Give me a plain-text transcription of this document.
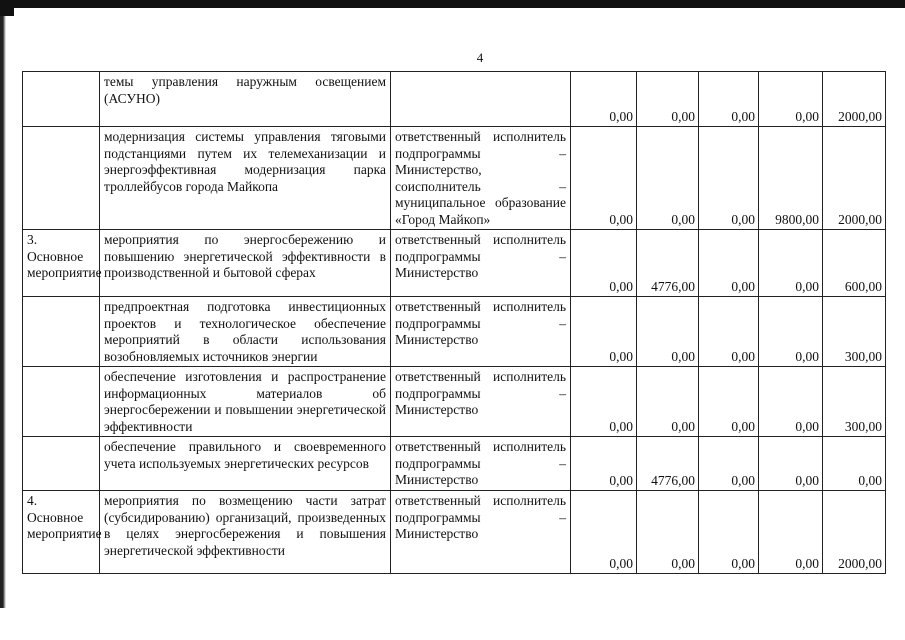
4
	темы управления наружным освещением (АСУНО)		0,00	0,00	0,00	0,00	2000,00
	модернизация системы управления тяговыми подстанциями путем их телемеханизации и энергоэффективная модернизация парка троллейбусов города Майкопа	ответственный исполнитель подпрограммы – Министерство, соисполнитель – муниципальное образование «Город Майкоп»	0,00	0,00	0,00	9800,00	2000,00
3. Основное мероприятие	мероприятия по энергосбережению и повышению энергетической эффективности в производственной и бытовой сферах	ответственный исполнитель подпрограммы – Министерство	0,00	4776,00	0,00	0,00	600,00
	предпроектная подготовка инвестиционных проектов и технологическое обеспечение мероприятий в области использования возобновляемых источников энергии	ответственный исполнитель подпрограммы – Министерство	0,00	0,00	0,00	0,00	300,00
	обеспечение изготовления и распространение информационных материалов об энергосбережении и повышении энергетической эффективности	ответственный исполнитель подпрограммы – Министерство	0,00	0,00	0,00	0,00	300,00
	обеспечение правильного и своевременного учета используемых энергетических ресурсов	ответственный исполнитель подпрограммы – Министерство	0,00	4776,00	0,00	0,00	0,00
4. Основное мероприятие	мероприятия по возмещению части затрат (субсидированию) организаций, произведенных в целях энергосбережения и повышения энергетической эффективности	ответственный исполнитель подпрограммы – Министерство	0,00	0,00	0,00	0,00	2000,00
